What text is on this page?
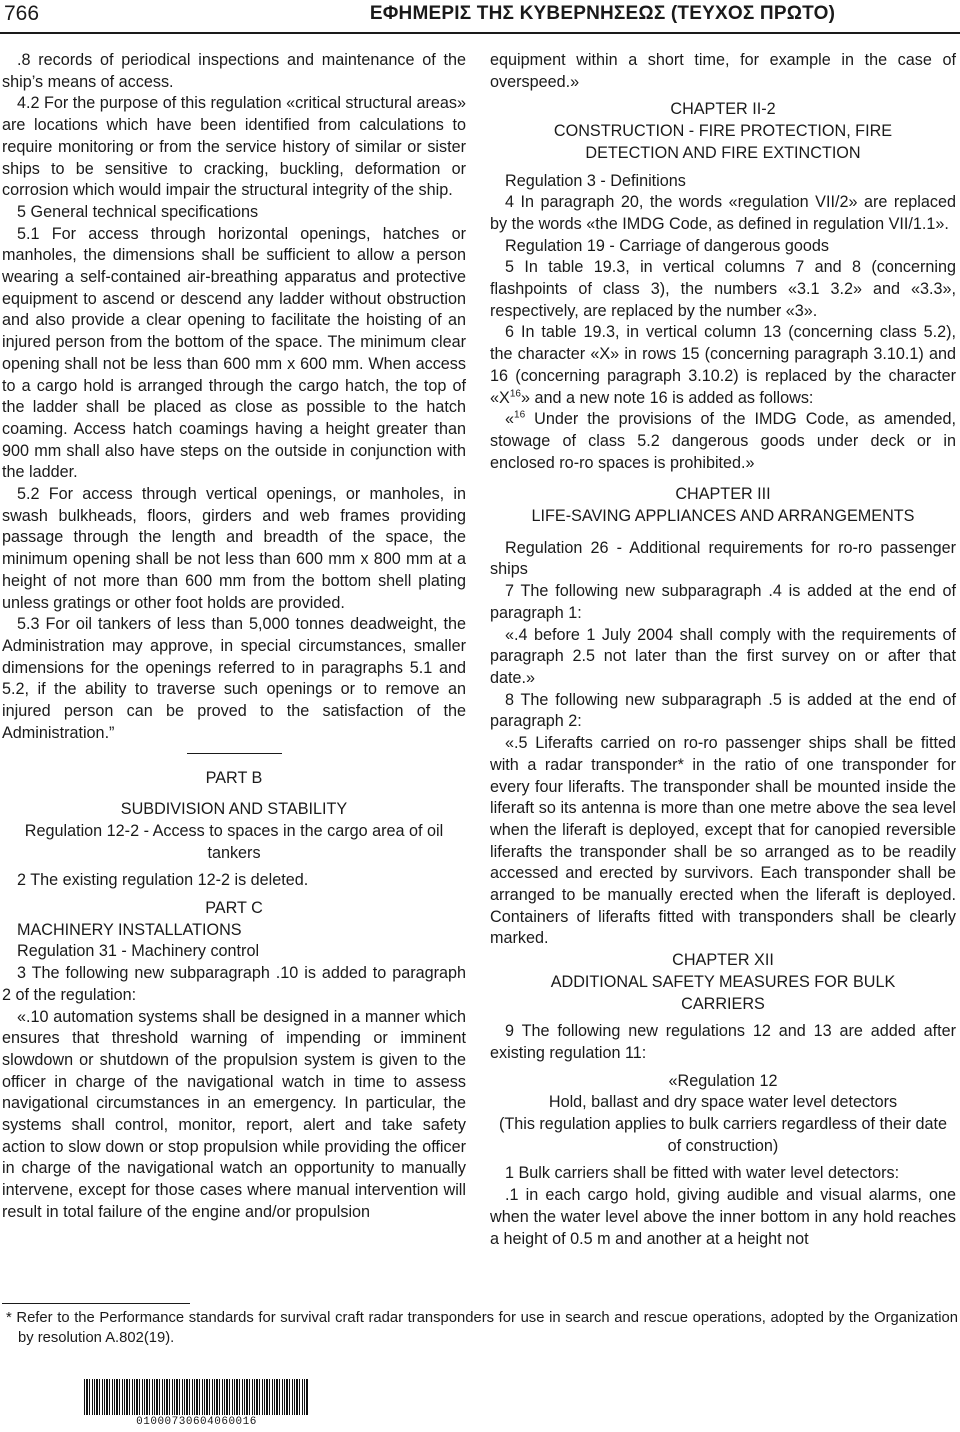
766	ΕΦΗΜΕΡΙΣ ΤΗΣ ΚΥΒΕΡΝΗΣΕΩΣ (ΤΕΥΧΟΣ ΠΡΩΤΟ)

.8 records of periodical inspections and maintenance of the ship’s means of access.

4.2 For the purpose of this regulation «critical structural areas» are locations which have been identified from calculations to require monitoring or from the service history of similar or sister ships to be sensitive to cracking, buckling, deformation or corrosion which would impair the structural integrity of the ship.

5 General technical specifications

5.1 For access through horizontal openings, hatches or manholes, the dimensions shall be sufficient to allow a person wearing a self-contained air-breathing apparatus and protective equipment to ascend or descend any ladder without obstruction and also provide a clear opening to facilitate the hoisting of an injured person from the bottom of the space. The minimum clear opening shall not be less than 600 mm x 600 mm. When access to a cargo hold is arranged through the cargo hatch, the top of the ladder shall be placed as close as possible to the hatch coaming. Access hatch coamings having a height greater than 900 mm shall also have steps on the outside in conjunction with the ladder.

5.2 For access through vertical openings, or manholes, in swash bulkheads, floors, girders and web frames providing passage through the length and breadth of the space, the minimum opening shall be not less than 600 mm x 800 mm at a height of not more than 600 mm from the bottom shell plating unless gratings or other foot holds are provided.

5.3 For oil tankers of less than 5,000 tonnes deadweight, the Administration may approve, in special circumstances, smaller dimensions for the openings referred to in paragraphs 5.1 and 5.2, if the ability to traverse such openings or to remove an injured person can be proved to the satisfaction of the Administration.”

PART B

SUBDIVISION AND STABILITY

Regulation 12-2 - Access to spaces in the cargo area of oil tankers

2 The existing regulation 12-2 is deleted.

PART C

MACHINERY INSTALLATIONS

Regulation 31 - Machinery control

3 The following new subparagraph .10 is added to paragraph 2 of the regulation:

«.10 automation systems shall be designed in a manner which ensures that threshold warning of impending or imminent slowdown or shutdown of the propulsion system is given to the officer in charge of the navigational watch in time to assess navigational circumstances in an emergency. In particular, the systems shall control, monitor, report, alert and take safety action to slow down or stop propulsion while providing the officer in charge of the navigational watch an opportunity to manually intervene, except for those cases where manual intervention will result in total failure of the engine and/or propulsion

equipment within a short time, for example in the case of overspeed.»

CHAPTER II-2

CONSTRUCTION - FIRE PROTECTION, FIRE DETECTION AND FIRE EXTINCTION

Regulation 3 - Definitions

4 In paragraph 20, the words «regulation VII/2» are replaced by the words «the IMDG Code, as defined in regulation VII/1.1».

Regulation 19 - Carriage of dangerous goods

5 In table 19.3, in vertical columns 7 and 8 (concerning flashpoints of class 3), the numbers «3.1 3.2» and «3.3», respectively, are replaced by the number «3».

6 In table 19.3, in vertical column 13 (concerning class 5.2), the character «X» in rows 15 (concerning paragraph 3.10.1) and 16 (concerning paragraph 3.10.2) is replaced by the character «$X^{16}$» and a new note 16 is added as follows:

«$^{16}$ Under the provisions of the IMDG Code, as amended, stowage of class 5.2 dangerous goods under deck or in enclosed ro-ro spaces is prohibited.»

CHAPTER III

LIFE-SAVING APPLIANCES AND ARRANGEMENTS

Regulation 26 - Additional requirements for ro-ro passenger ships

7 The following new subparagraph .4 is added at the end of paragraph 1:

«.4 before 1 July 2004 shall comply with the requirements of paragraph 2.5 not later than the first survey on or after that date.»

8 The following new subparagraph .5 is added at the end of paragraph 2:

«.5 Liferafts carried on ro-ro passenger ships shall be fitted with a radar transponder* in the ratio of one transponder for every four liferafts. The transponder shall be mounted inside the liferaft so its antenna is more than one metre above the sea level when the liferaft is deployed, except that for canopied reversible liferafts the transponder shall be so arranged as to be readily accessed and erected by survivors. Each transponder shall be arranged to be manually erected when the liferaft is deployed. Containers of liferafts fitted with transponders shall be clearly marked.

CHAPTER XII

ADDITIONAL SAFETY MEASURES FOR BULK CARRIERS

9 The following new regulations 12 and 13 are added after existing regulation 11:

«Regulation 12

Hold, ballast and dry space water level detectors

(This regulation applies to bulk carriers regardless of their date of construction)

1 Bulk carriers shall be fitted with water level detectors:

.1 in each cargo hold, giving audible and visual alarms, one when the water level above the inner bottom in any hold reaches a height of 0.5 m and another at a height not

* Refer to the Performance standards for survival craft radar transponders for use in search and rescue operations, adopted by the Organization by resolution A.802(19).
01000730604060016
